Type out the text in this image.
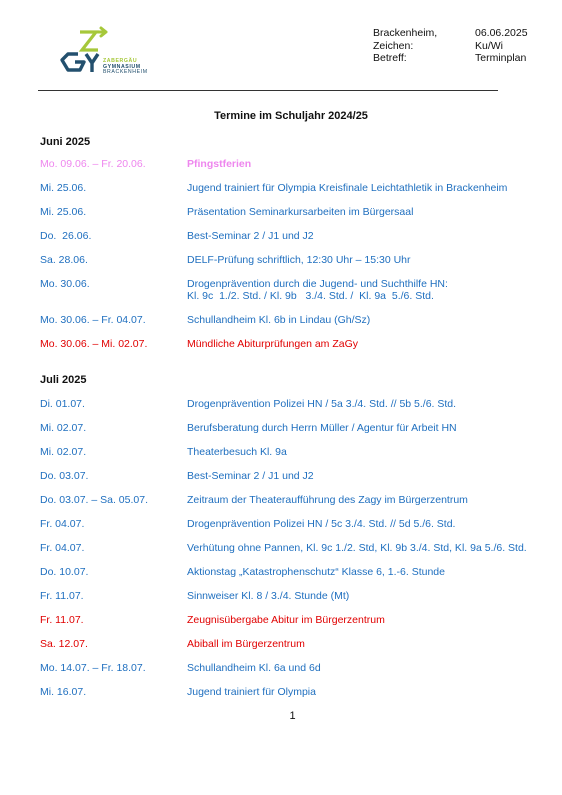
ZABERGÄU
GYMNASIUM
BRACKENHEIM
Brackenheim,	06.06.2025
Zeichen:	Ku/Wi
Betreff:	Terminplan
Termine im Schuljahr 2024/25
Juni 2025
Mo. 09.06. – Fr. 20.06.	Pfingstferien
Mi. 25.06.	Jugend trainiert für Olympia Kreisfinale Leichtathletik in Brackenheim
Mi. 25.06.	Präsentation Seminarkursarbeiten im Bürgersaal
Do.  26.06.	Best-Seminar 2 / J1 und J2
Sa. 28.06.	DELF-Prüfung schriftlich, 12:30 Uhr – 15:30 Uhr
Mo. 30.06.	Drogenprävention durch die Jugend- und Suchthilfe HN:
Kl. 9c  1./2. Std. / Kl. 9b   3./4. Std. /  Kl. 9a  5./6. Std.
Mo. 30.06. – Fr. 04.07.	Schullandheim Kl. 6b in Lindau (Gh/Sz)
Mo. 30.06. – Mi. 02.07.	Mündliche Abiturprüfungen am ZaGy
Juli 2025
Di. 01.07.	Drogenprävention Polizei HN / 5a 3./4. Std. // 5b 5./6. Std.
Mi. 02.07.	Berufsberatung durch Herrn Müller / Agentur für Arbeit HN
Mi. 02.07.	Theaterbesuch Kl. 9a
Do. 03.07.	Best-Seminar 2 / J1 und J2
Do. 03.07. – Sa. 05.07.	Zeitraum der Theateraufführung des Zagy im Bürgerzentrum
Fr. 04.07.	Drogenprävention Polizei HN / 5c 3./4. Std. // 5d 5./6. Std.
Fr. 04.07.	Verhütung ohne Pannen, Kl. 9c 1./2. Std, Kl. 9b 3./4. Std, Kl. 9a 5./6. Std.
Do. 10.07.	Aktionstag „Katastrophenschutz“ Klasse 6, 1.-6. Stunde
Fr. 11.07.	Sinnweiser Kl. 8 / 3./4. Stunde (Mt)
Fr. 11.07.	Zeugnisübergabe Abitur im Bürgerzentrum
Sa. 12.07.	Abiball im Bürgerzentrum
Mo. 14.07. – Fr. 18.07.	Schullandheim Kl. 6a und 6d
Mi. 16.07.	Jugend trainiert für Olympia
1
